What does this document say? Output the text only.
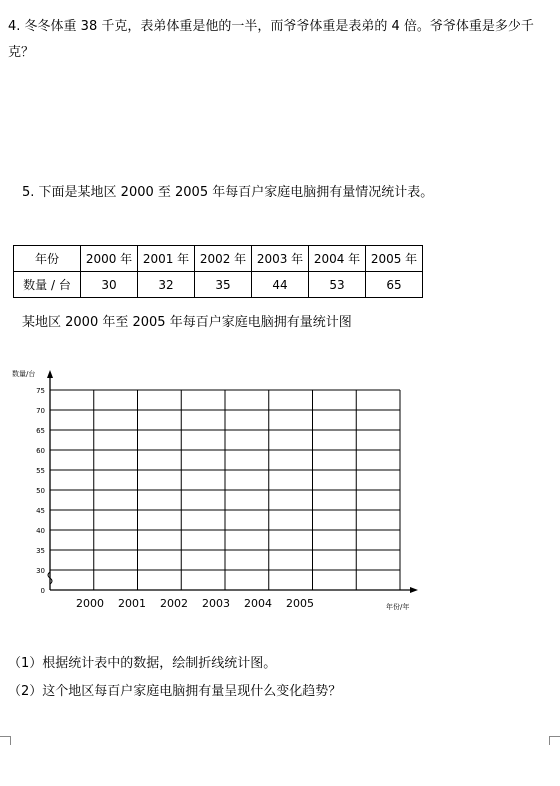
4. 冬冬体重 38 千克，表弟体重是他的一半，而爷爷体重是表弟的 4 倍。爷爷体重是多少千克？
5. 下面是某地区 2000 至 2005 年每百户家庭电脑拥有量情况统计表。
年份	2000 年	2001 年	2002 年	2003 年	2004 年	2005 年
数量 / 台	30	32	35	44	53	65
某地区 2000 年至 2005 年每百户家庭电脑拥有量统计图
0
30
35
40
45
50
55
60
65
70
75
2000 2001 2002 2003 2004 2005
数量/台
年份/年
（1）根据统计表中的数据，绘制折线统计图。
（2）这个地区每百户家庭电脑拥有量呈现什么变化趋势？
